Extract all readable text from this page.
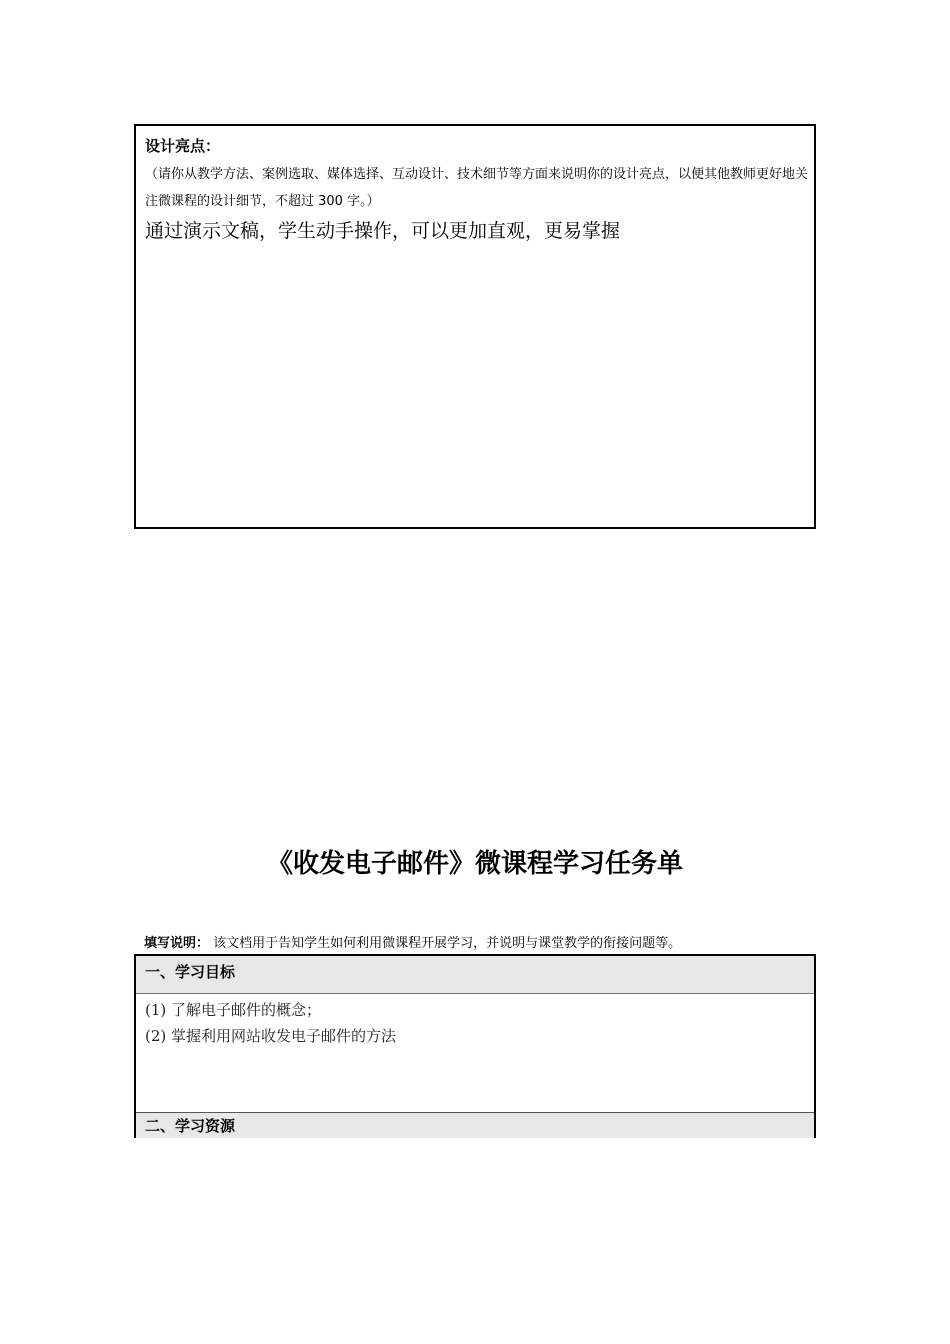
设计亮点：
（请你从教学方法、案例选取、媒体选择、互动设计、技术细节等方面来说明你的设计亮点，以便其他教师更好地关注微课程的设计细节，不超过 300 字。）
通过演示文稿，学生动手操作，可以更加直观，更易掌握
《收发电子邮件》微课程学习任务单
填写说明： 该文档用于告知学生如何利用微课程开展学习，并说明与课堂教学的衔接问题等。
一、学习目标
(1) 了解电子邮件的概念；
(2) 掌握利用网站收发电子邮件的方法
二、学习资源
